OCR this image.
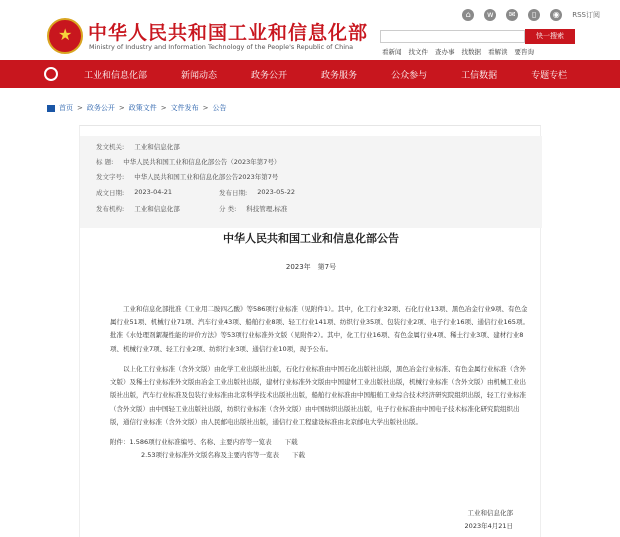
★
中华人民共和国工业和信息化部
Ministry of Industry and Information Technology of the People's Republic of China
⌂	w	✉	▯	◉	RSS订阅
快一搜索
看新闻 找文件 查办事 找数据 看解读 要咨询
工业和信息化部	新闻动态	政务公开	政务服务	公众参与	工信数据	专题专栏
首页 > 政务公开 > 政策文件 > 文件发布 > 公告
发文机关: 工业和信息化部
标 题: 中华人民共和国工业和信息化部公告（2023年第7号）
发文字号: 中华人民共和国工业和信息化部公告2023年第7号
成文日期: 2023-04-21	发布日期: 2023-05-22
发布机构: 工业和信息化部	分 类: 科技管理,标准
中华人民共和国工业和信息化部公告
2023年　第7号

工业和信息化部批准《工业用二胺四乙酸》等586项行业标准（见附件1）。其中，化工行业32项、石化行业13项、黑色冶金行业9项、有色金属行业51项、机械行业71项、汽车行业43项、船舶行业8项、轻工行业141项、纺织行业35项、包装行业2项、电子行业16项、通信行业165项。批准《水处理剂絮凝性能的评价方法》等53项行业标准外文版（见附件2）。其中，化工行业16项、有色金属行业4项、稀土行业3项、建材行业8项、机械行业7项、轻工行业2项、纺织行业3项、通信行业10项，现予公布。

以上化工行业标准（含外文版）由化学工业出版社出版，石化行业标准由中国石化出版社出版，黑色冶金行业标准、有色金属行业标准（含外文版）及稀土行业标准外文版由冶金工业出版社出版，建材行业标准外文版由中国建材工业出版社出版，机械行业标准（含外文版）由机械工业出版社出版，汽车行业标准及包装行业标准由北京科学技术出版社出版，船舶行业标准由中国船舶工业综合技术经济研究院组织出版，轻工行业标准（含外文版）由中国轻工业出版社出版，纺织行业标准（含外文版）由中国纺织出版社出版，电子行业标准由中国电子技术标准化研究院组织出版，通信行业标准（含外文版）由人民邮电出版社出版，通信行业工程建设标准由北京邮电大学出版社出版。

附件：1.586项行业标准编号、名称、主要内容等一览表　　下载
2.53项行业标准外文版名称及主要内容等一览表　　下载
工业和信息化部
2023年4月21日
